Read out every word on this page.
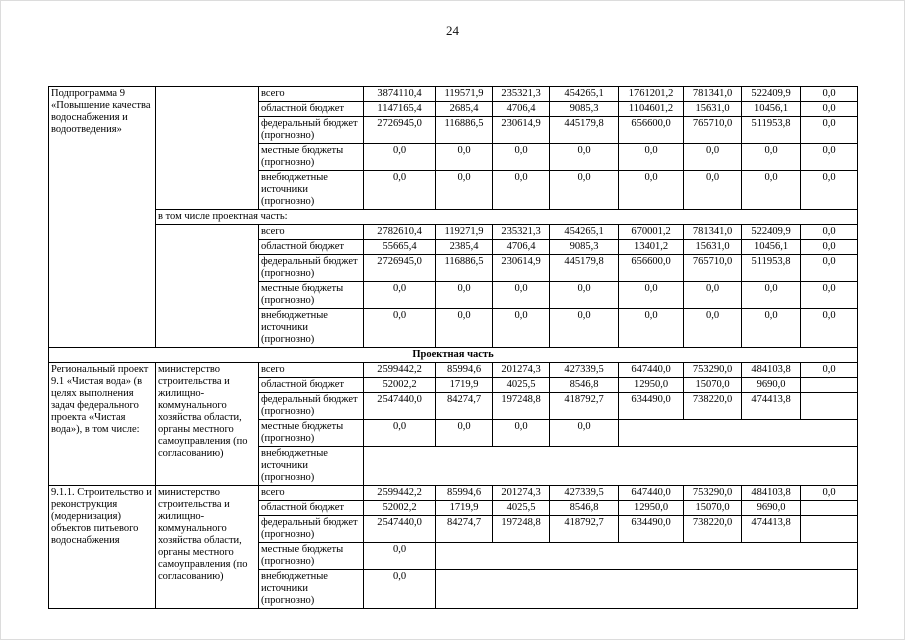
24
Подпрограмма 9 «Повышение качества водоснабжения и водоотведения»		всего	3874110,4	119571,9	235321,3	454265,1	1761201,2	781341,0	522409,9	0,0
		областной бюджет	1147165,4	2685,4	4706,4	9085,3	1104601,2	15631,0	10456,1	0,0
		федеральный бюджет (прогнозно)	2726945,0	116886,5	230614,9	445179,8	656600,0	765710,0	511953,8	0,0
		местные бюджеты (прогнозно)	0,0	0,0	0,0	0,0	0,0	0,0	0,0	0,0
		внебюджетные источники (прогнозно)	0,0	0,0	0,0	0,0	0,0	0,0	0,0	0,0
	в том числе проектная часть:									
		всего	2782610,4	119271,9	235321,3	454265,1	670001,2	781341,0	522409,9	0,0
		областной бюджет	55665,4	2385,4	4706,4	9085,3	13401,2	15631,0	10456,1	0,0
		федеральный бюджет (прогнозно)	2726945,0	116886,5	230614,9	445179,8	656600,0	765710,0	511953,8	0,0
		местные бюджеты (прогнозно)	0,0	0,0	0,0	0,0	0,0	0,0	0,0	0,0
		внебюджетные источники (прогнозно)	0,0	0,0	0,0	0,0	0,0	0,0	0,0	0,0
Проектная часть										
Региональный проект 9.1 «Чистая вода» (в целях выполнения задач федерального проекта «Чистая вода»), в том числе:	министерство строительства и жилищно-коммунального хозяйства области, органы местного самоуправления (по согласованию)	всего	2599442,2	85994,6	201274,3	427339,5	647440,0	753290,0	484103,8	0,0
		областной бюджет	52002,2	1719,9	4025,5	8546,8	12950,0	15070,0	9690,0	
		федеральный бюджет (прогнозно)	2547440,0	84274,7	197248,8	418792,7	634490,0	738220,0	474413,8	
		местные бюджеты (прогнозно)	0,0	0,0	0,0	0,0				
		внебюджетные источники (прогнозно)								
9.1.1. Строительство и реконструкция (модернизация) объектов питьевого водоснабжения	министерство строительства и жилищно-коммунального хозяйства области, органы местного самоуправления (по согласованию)	всего	2599442,2	85994,6	201274,3	427339,5	647440,0	753290,0	484103,8	0,0
		областной бюджет	52002,2	1719,9	4025,5	8546,8	12950,0	15070,0	9690,0	
		федеральный бюджет (прогнозно)	2547440,0	84274,7	197248,8	418792,7	634490,0	738220,0	474413,8	
		местные бюджеты (прогнозно)	0,0							
		внебюджетные источники (прогнозно)	0,0							
